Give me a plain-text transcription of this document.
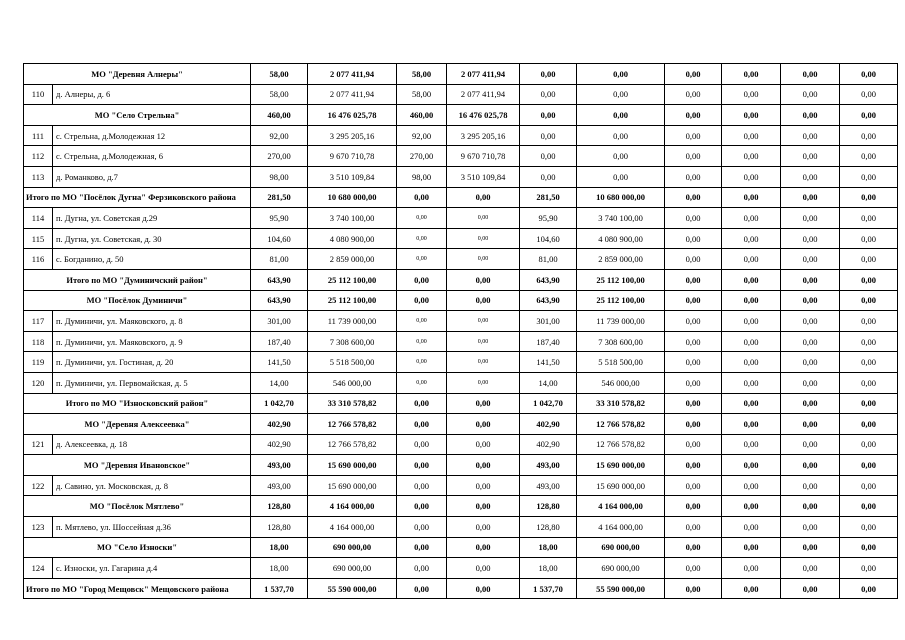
МО "Деревня Алнеры"		58,00	2 077 411,94	58,00	2 077 411,94	0,00	0,00	0,00	0,00	0,00	0,00
110	д. Алнеры, д. 6	58,00	2 077 411,94	58,00	2 077 411,94	0,00	0,00	0,00	0,00	0,00	0,00
МО "Село Стрельна"		460,00	16 476 025,78	460,00	16 476 025,78	0,00	0,00	0,00	0,00	0,00	0,00
111	с. Стрельна, д.Молодежная 12	92,00	3 295 205,16	92,00	3 295 205,16	0,00	0,00	0,00	0,00	0,00	0,00
112	с. Стрельна, д.Молодежная, 6	270,00	9 670 710,78	270,00	9 670 710,78	0,00	0,00	0,00	0,00	0,00	0,00
113	д. Романково, д.7	98,00	3 510 109,84	98,00	3 510 109,84	0,00	0,00	0,00	0,00	0,00	0,00
Итого по МО "Посёлок Дугна" Ферзиковского района		281,50	10 680 000,00	0,00	0,00	281,50	10 680 000,00	0,00	0,00	0,00	0,00
114	п. Дугна, ул. Советская д.29	95,90	3 740 100,00	0,00	0,00	95,90	3 740 100,00	0,00	0,00	0,00	0,00
115	п. Дугна, ул. Советская, д. 30	104,60	4 080 900,00	0,00	0,00	104,60	4 080 900,00	0,00	0,00	0,00	0,00
116	с. Богданино, д. 50	81,00	2 859 000,00	0,00	0,00	81,00	2 859 000,00	0,00	0,00	0,00	0,00
Итого по МО "Думиничский район"		643,90	25 112 100,00	0,00	0,00	643,90	25 112 100,00	0,00	0,00	0,00	0,00
МО "Посёлок Думиничи"		643,90	25 112 100,00	0,00	0,00	643,90	25 112 100,00	0,00	0,00	0,00	0,00
117	п. Думиничи, ул. Маяковского, д. 8	301,00	11 739 000,00	0,00	0,00	301,00	11 739 000,00	0,00	0,00	0,00	0,00
118	п. Думиничи, ул. Маяковского, д. 9	187,40	7 308 600,00	0,00	0,00	187,40	7 308 600,00	0,00	0,00	0,00	0,00
119	п. Думиничи, ул. Гостиная, д. 20	141,50	5 518 500,00	0,00	0,00	141,50	5 518 500,00	0,00	0,00	0,00	0,00
120	п. Думиничи, ул. Первомайская, д. 5	14,00	546 000,00	0,00	0,00	14,00	546 000,00	0,00	0,00	0,00	0,00
Итого по МО "Износковский район"		1 042,70	33 310 578,82	0,00	0,00	1 042,70	33 310 578,82	0,00	0,00	0,00	0,00
МО "Деревня Алексеевка"		402,90	12 766 578,82	0,00	0,00	402,90	12 766 578,82	0,00	0,00	0,00	0,00
121	д. Алексеевка, д. 18	402,90	12 766 578,82	0,00	0,00	402,90	12 766 578,82	0,00	0,00	0,00	0,00
МО "Деревня Ивановское"		493,00	15 690 000,00	0,00	0,00	493,00	15 690 000,00	0,00	0,00	0,00	0,00
122	д. Савино, ул. Московская, д. 8	493,00	15 690 000,00	0,00	0,00	493,00	15 690 000,00	0,00	0,00	0,00	0,00
МО "Посёлок Мятлево"		128,80	4 164 000,00	0,00	0,00	128,80	4 164 000,00	0,00	0,00	0,00	0,00
123	п. Мятлево, ул. Шоссейная д.36	128,80	4 164 000,00	0,00	0,00	128,80	4 164 000,00	0,00	0,00	0,00	0,00
МО "Село Износки"		18,00	690 000,00	0,00	0,00	18,00	690 000,00	0,00	0,00	0,00	0,00
124	с. Износки, ул. Гагарина д.4	18,00	690 000,00	0,00	0,00	18,00	690 000,00	0,00	0,00	0,00	0,00
Итого по МО "Город Мещовск" Мещовского района		1 537,70	55 590 000,00	0,00	0,00	1 537,70	55 590 000,00	0,00	0,00	0,00	0,00
